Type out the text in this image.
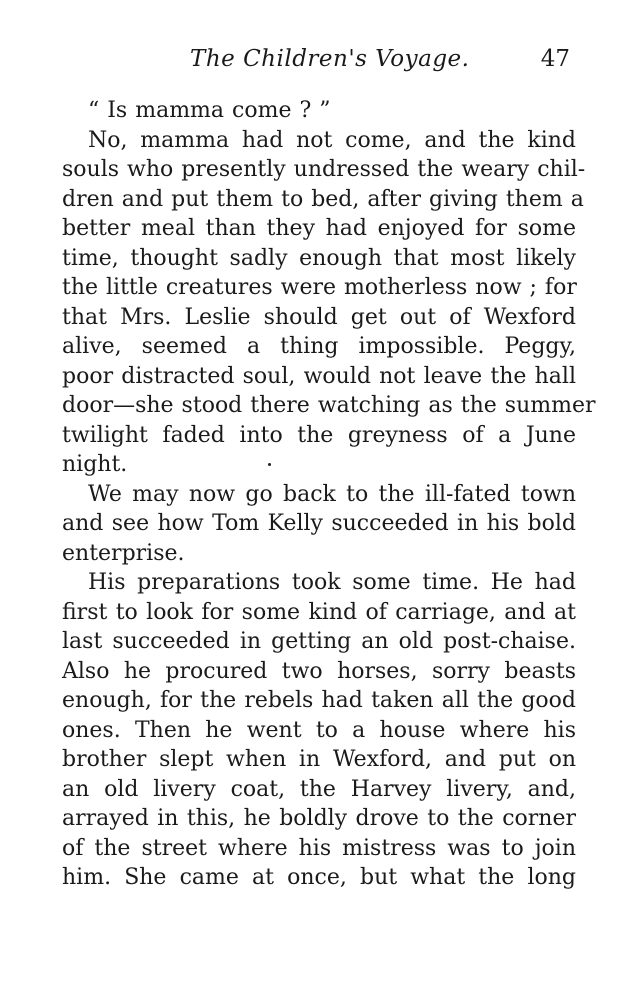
The Children's Voyage.	47
“ Is mamma come ? ”
No, mamma had not come, and the kind
souls who presently undressed the weary chil-
dren and put them to bed, after giving them a
better meal than they had enjoyed for some
time, thought sadly enough that most likely
the little creatures were motherless now ; for
that Mrs. Leslie should get out of Wexford
alive, seemed a thing impossible. Peggy,
poor distracted soul, would not leave the hall
door—she stood there watching as the summer
twilight faded into the greyness of a June
night.
We may now go back to the ill-fated town
and see how Tom Kelly succeeded in his bold
enterprise.
His preparations took some time. He had
first to look for some kind of carriage, and at
last succeeded in getting an old post-chaise.
Also he procured two horses, sorry beasts
enough, for the rebels had taken all the good
ones. Then he went to a house where his
brother slept when in Wexford, and put on
an old livery coat, the Harvey livery, and,
arrayed in this, he boldly drove to the corner
of the street where his mistress was to join
him. She came at once, but what the long
